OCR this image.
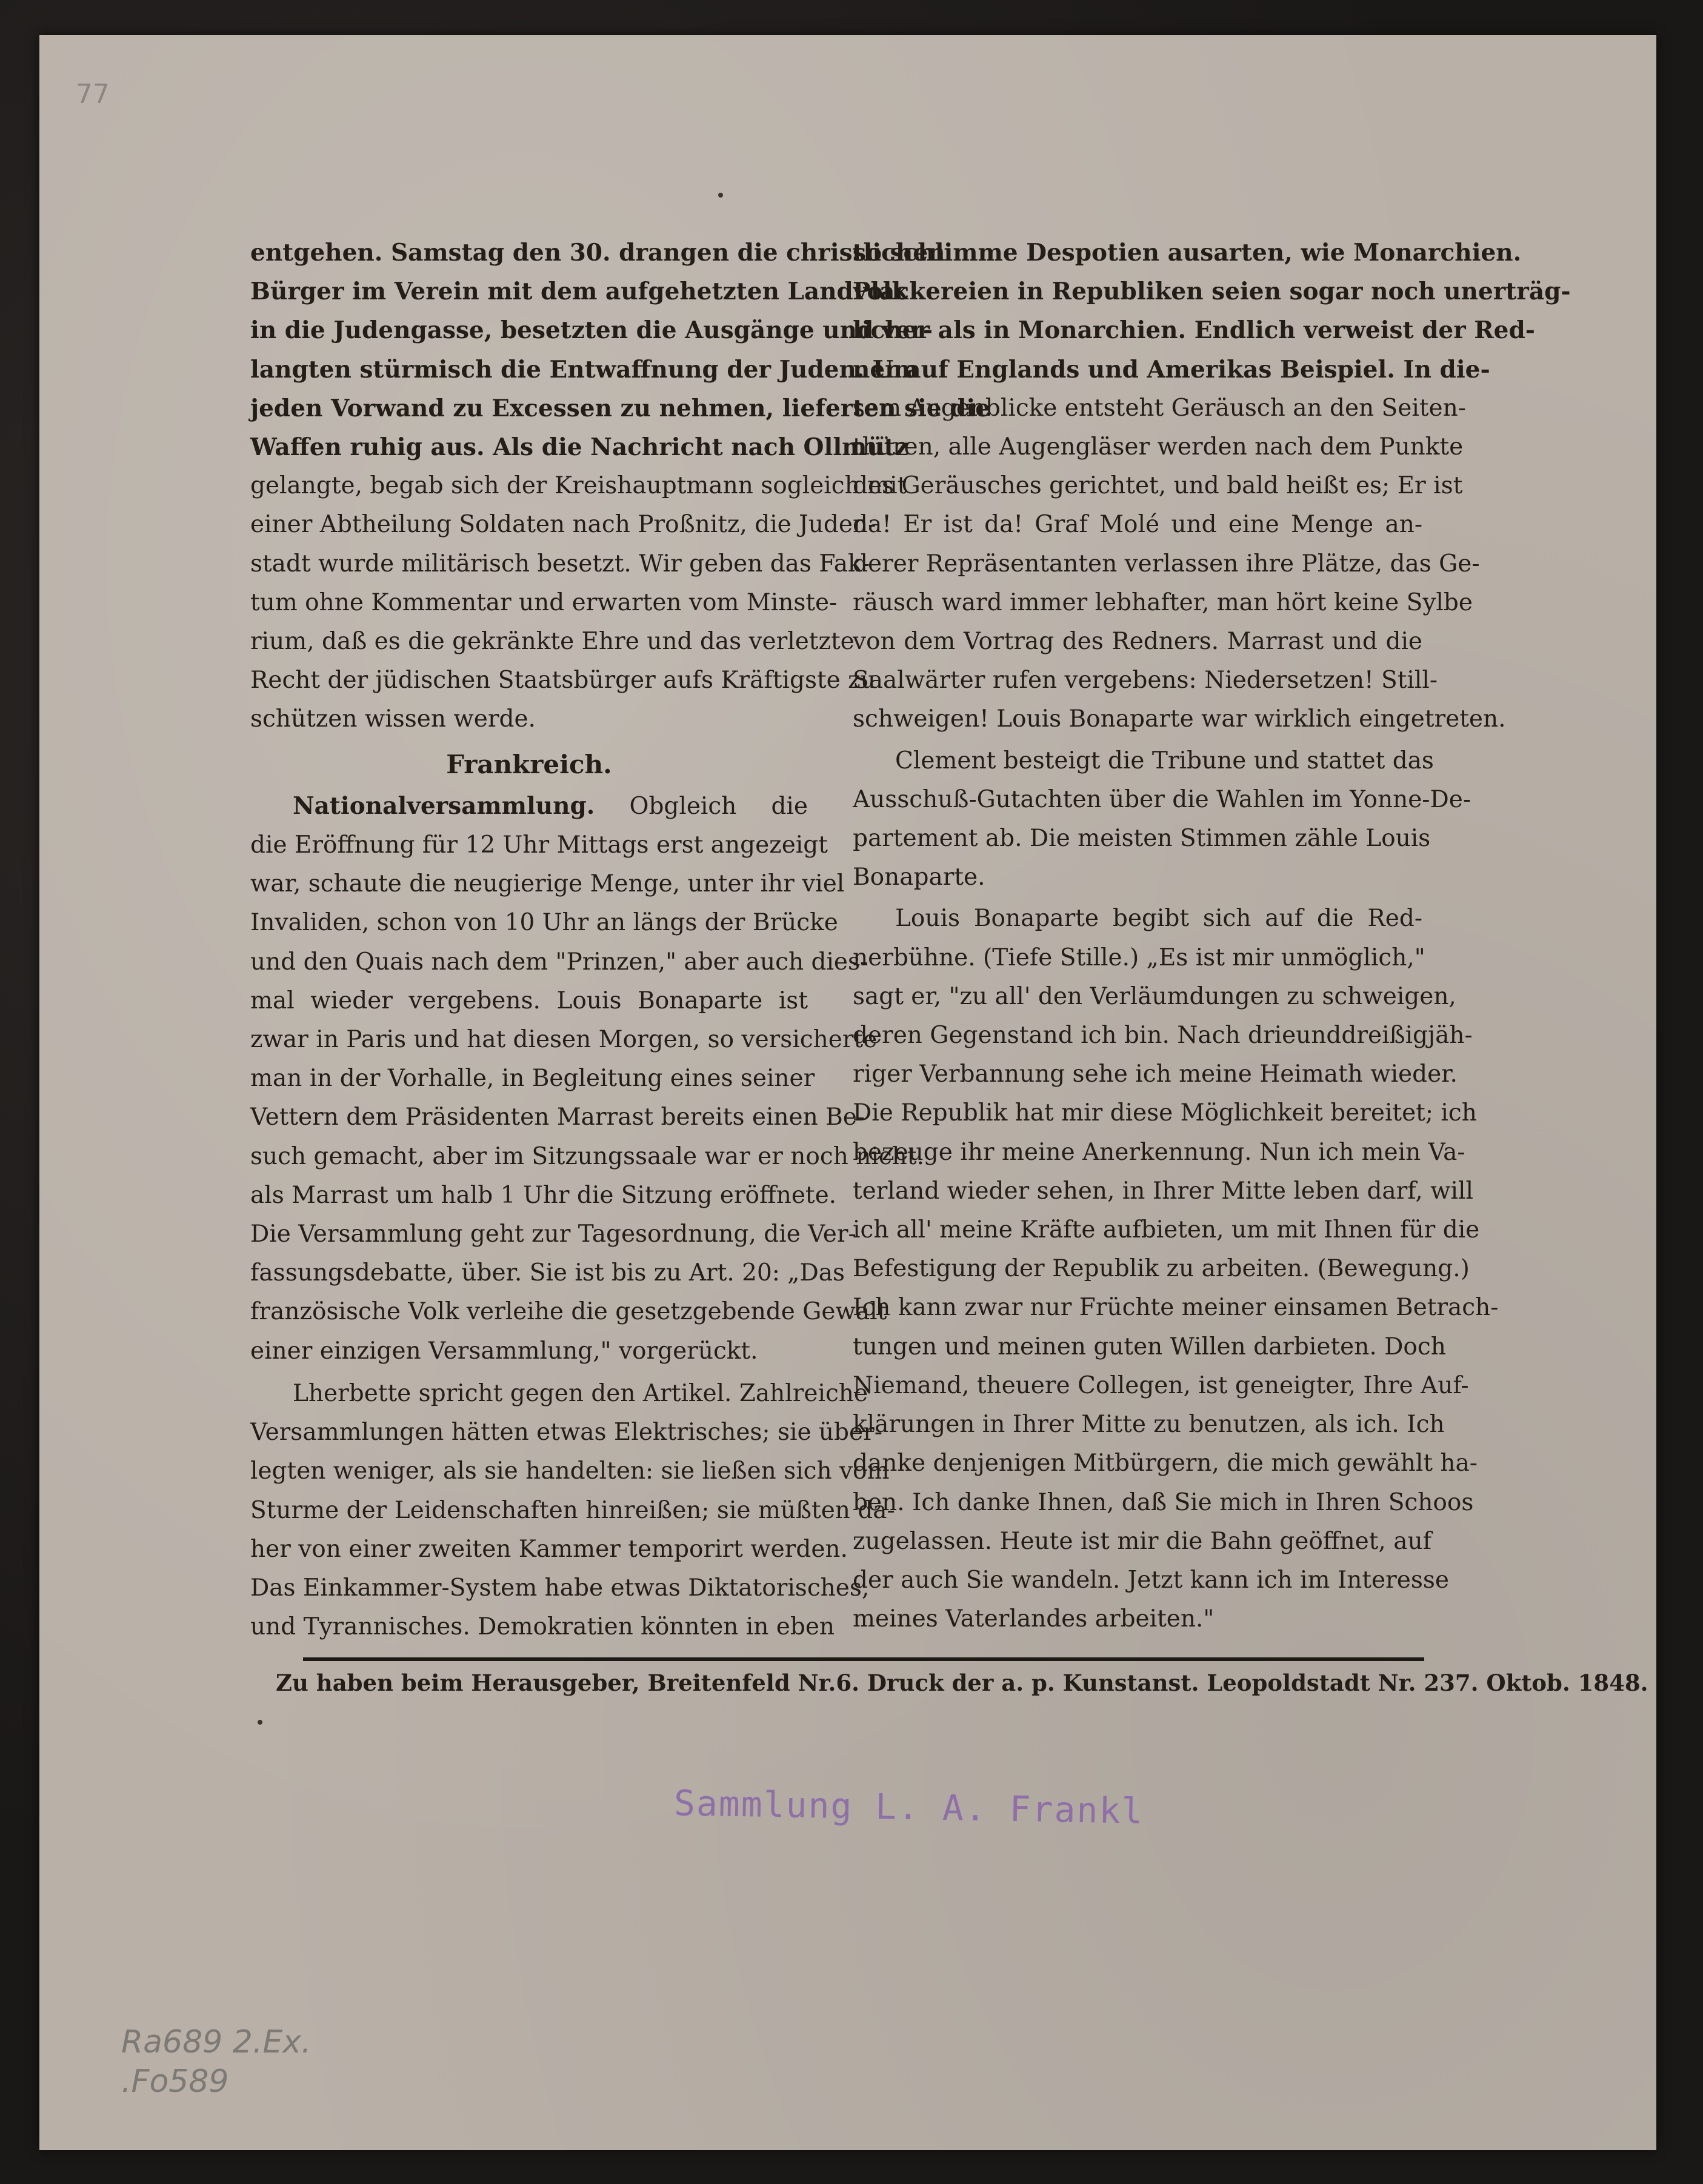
77
entgehen. Samstag den 30. drangen die christlichen
Bürger im Verein mit dem aufgehetzten Landvolk
in die Judengasse, besetzten die Ausgänge und ver-
langten stürmisch die Entwaffnung der Juden. Um
jeden Vorwand zu Excessen zu nehmen, lieferten sie die
Waffen ruhig aus. Als die Nachricht nach Ollmütz
gelangte, begab sich der Kreishauptmann sogleich mit
einer Abtheilung Soldaten nach Proßnitz, die Juden-
stadt wurde militärisch besetzt. Wir geben das Fak-
tum ohne Kommentar und erwarten vom Minste-
rium, daß es die gekränkte Ehre und das verletzte
Recht der jüdischen Staatsbürger aufs Kräftigste zu
schützen wissen werde.
Frankreich.
Nationalversammlung. Obgleich die
die Eröffnung für 12 Uhr Mittags erst angezeigt
war, schaute die neugierige Menge, unter ihr viel
Invaliden, schon von 10 Uhr an längs der Brücke
und den Quais nach dem "Prinzen," aber auch dies-
mal wieder vergebens. Louis Bonaparte ist
zwar in Paris und hat diesen Morgen, so versicherte
man in der Vorhalle, in Begleitung eines seiner
Vettern dem Präsidenten Marrast bereits einen Be-
such gemacht, aber im Sitzungssaale war er noch nicht.
als Marrast um halb 1 Uhr die Sitzung eröffnete.
Die Versammlung geht zur Tagesordnung, die Ver-
fassungsdebatte, über. Sie ist bis zu Art. 20: „Das
französische Volk verleihe die gesetzgebende Gewalt
einer einzigen Versammlung," vorgerückt.
Lherbette spricht gegen den Artikel. Zahlreiche
Versammlungen hätten etwas Elektrisches; sie über-
legten weniger, als sie handelten: sie ließen sich vom
Sturme der Leidenschaften hinreißen; sie müßten da-
her von einer zweiten Kammer temporirt werden.
Das Einkammer-System habe etwas Diktatorisches,
und Tyrannisches. Demokratien könnten in eben
so schlimme Despotien ausarten, wie Monarchien.
Plackereien in Republiken seien sogar noch unerträg-
licher als in Monarchien. Endlich verweist der Red-
ner auf Englands und Amerikas Beispiel. In die-
sem Augenblicke entsteht Geräusch an den Seiten-
thüren, alle Augengläser werden nach dem Punkte
des Geräusches gerichtet, und bald heißt es; Er ist
da! Er ist da! Graf Molé und eine Menge an-
derer Repräsentanten verlassen ihre Plätze, das Ge-
räusch ward immer lebhafter, man hört keine Sylbe
von dem Vortrag des Redners. Marrast und die
Saalwärter rufen vergebens: Niedersetzen! Still-
schweigen! Louis Bonaparte war wirklich eingetreten.
Clement besteigt die Tribune und stattet das
Ausschuß-Gutachten über die Wahlen im Yonne-De-
partement ab. Die meisten Stimmen zähle Louis
Bonaparte.
Louis Bonaparte begibt sich auf die Red-
nerbühne. (Tiefe Stille.) „Es ist mir unmöglich,"
sagt er, "zu all' den Verläumdungen zu schweigen,
deren Gegenstand ich bin. Nach drieunddreißigjäh-
riger Verbannung sehe ich meine Heimath wieder.
Die Republik hat mir diese Möglichkeit bereitet; ich
bezeuge ihr meine Anerkennung. Nun ich mein Va-
terland wieder sehen, in Ihrer Mitte leben darf, will
ich all' meine Kräfte aufbieten, um mit Ihnen für die
Befestigung der Republik zu arbeiten. (Bewegung.)
Ich kann zwar nur Früchte meiner einsamen Betrach-
tungen und meinen guten Willen darbieten. Doch
Niemand, theuere Collegen, ist geneigter, Ihre Auf-
klärungen in Ihrer Mitte zu benutzen, als ich. Ich
danke denjenigen Mitbürgern, die mich gewählt ha-
ben. Ich danke Ihnen, daß Sie mich in Ihren Schoos
zugelassen. Heute ist mir die Bahn geöffnet, auf
der auch Sie wandeln. Jetzt kann ich im Interesse
meines Vaterlandes arbeiten."
Zu haben beim Herausgeber, Breitenfeld Nr.6. Druck der a. p. Kunstanst. Leopoldstadt Nr. 237. Oktob. 1848.
Sammlung L. A. Frankl
Ra689 2.Ex.
.Fo589
